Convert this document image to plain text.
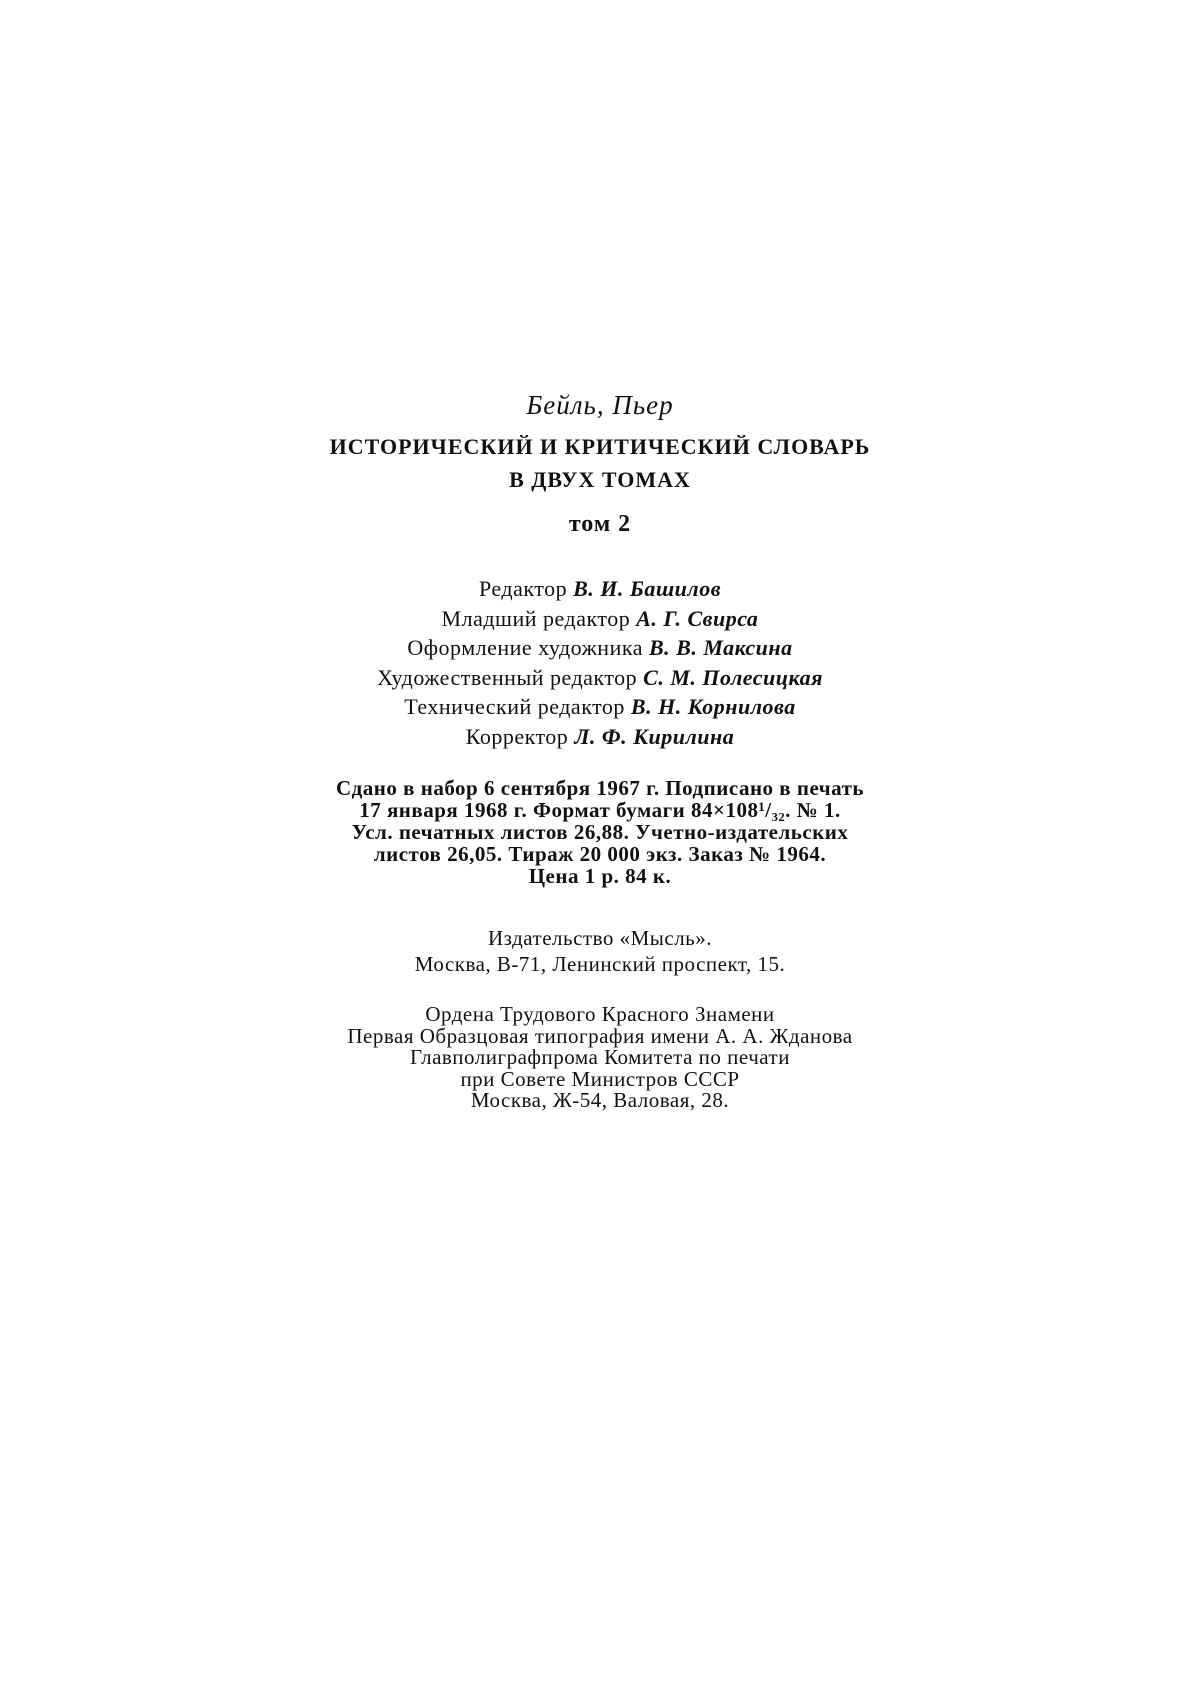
Бейль, Пьер
ИСТОРИЧЕСКИЙ И КРИТИЧЕСКИЙ СЛОВАРЬ
В ДВУХ ТОМАХ
том 2
Редактор В. И. Башилов
Младший редактор А. Г. Свирса
Оформление художника В. В. Максина
Художественный редактор С. М. Полесицкая
Технический редактор В. Н. Корнилова
Корректор Л. Ф. Кирилина
Сдано в набор 6 сентября 1967 г. Подписано в печать
17 января 1968 г. Формат бумаги 84×108¹/₃₂. № 1.
Усл. печатных листов 26,88. Учетно-издательских
листов 26,05. Тираж 20 000 экз. Заказ № 1964.
Цена 1 р. 84 к.
Издательство «Мысль».
Москва, В-71, Ленинский проспект, 15.
Ордена Трудового Красного Знамени
Первая Образцовая типография имени А. А. Жданова
Главполиграфпрома Комитета по печати
при Совете Министров СССР
Москва, Ж-54, Валовая, 28.
